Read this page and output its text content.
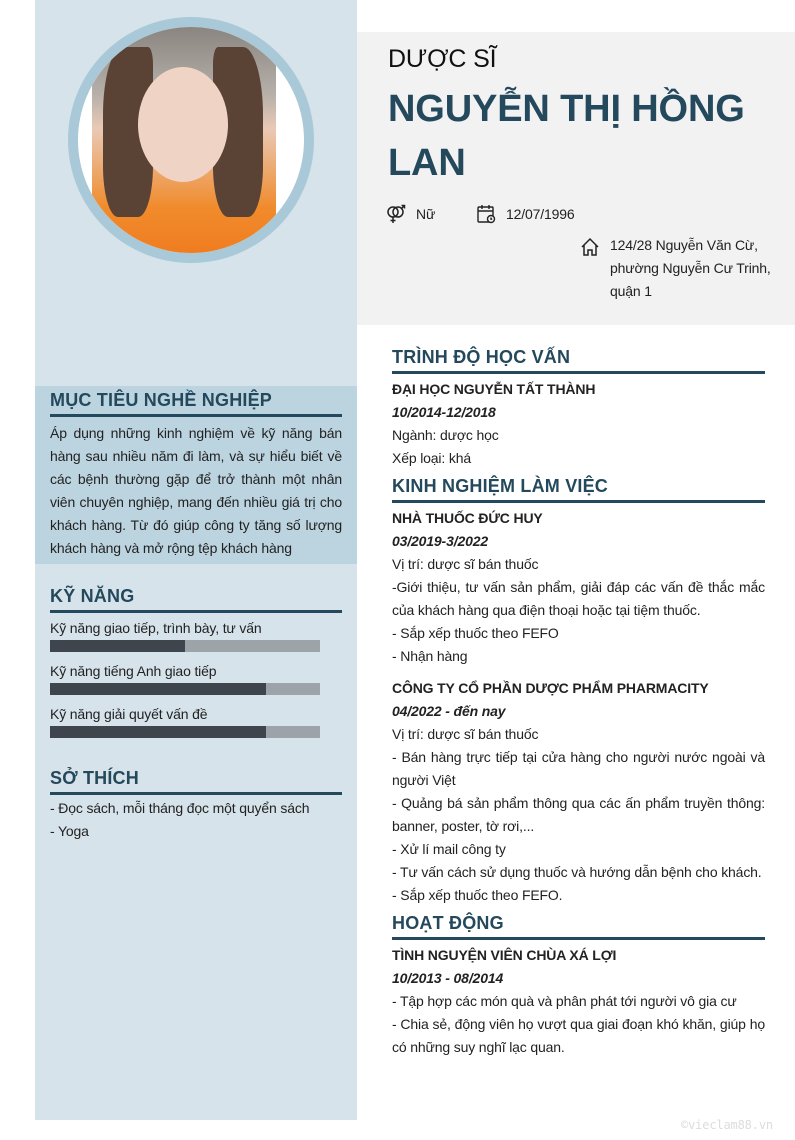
DƯỢC SĨ
NGUYỄN THỊ HỒNG LAN
Nữ	12/07/1996
124/28 Nguyễn Văn Cừ,
phường Nguyễn Cư Trinh,
quận 1
MỤC TIÊU NGHỀ NGHIỆP

Áp dụng những kinh nghiệm về kỹ năng bán hàng sau nhiều năm đi làm, và sự hiểu biết về các bệnh thường gặp để trở thành một nhân viên chuyên nghiệp, mang đến nhiều giá trị cho khách hàng. Từ đó giúp công ty tăng số lượng khách hàng và mở rộng tệp khách hàng

KỸ NĂNG
Kỹ năng giao tiếp, trình bày, tư vấn
Kỹ năng tiếng Anh giao tiếp
Kỹ năng giải quyết vấn đề
SỞ THÍCH

- Đọc sách, mỗi tháng đọc một quyển sách

- Yoga

TRÌNH ĐỘ HỌC VẤN
ĐẠI HỌC NGUYỄN TẤT THÀNH
10/2014-12/2018

Ngành: dược học

Xếp loại: khá

KINH NGHIỆM LÀM VIỆC
NHÀ THUỐC ĐỨC HUY
03/2019-3/2022

Vị trí: dược sĩ bán thuốc

-Giới thiệu, tư vấn sản phẩm, giải đáp các vấn đề thắc mắc của khách hàng qua điện thoại hoặc tại tiệm thuốc.

- Sắp xếp thuốc theo FEFO

- Nhận hàng

CÔNG TY CỔ PHẦN DƯỢC PHẨM PHARMACITY
04/2022 - đến nay

Vị trí: dược sĩ bán thuốc

- Bán hàng trực tiếp tại cửa hàng cho người nước ngoài và người Việt

- Quảng bá sản phẩm thông qua các ấn phẩm truyền thông: banner, poster, tờ rơi,...

- Xử lí mail công ty

- Tư vấn cách sử dụng thuốc và hướng dẫn bệnh cho khách.

- Sắp xếp thuốc theo FEFO.

HOẠT ĐỘNG
TÌNH NGUYỆN VIÊN CHÙA XÁ LỢI
10/2013 - 08/2014

- Tập hợp các món quà và phân phát tới người vô gia cư

- Chia sẻ, động viên họ vượt qua giai đoạn khó khăn, giúp họ có những suy nghĩ lạc quan.

©vieclam88.vn
